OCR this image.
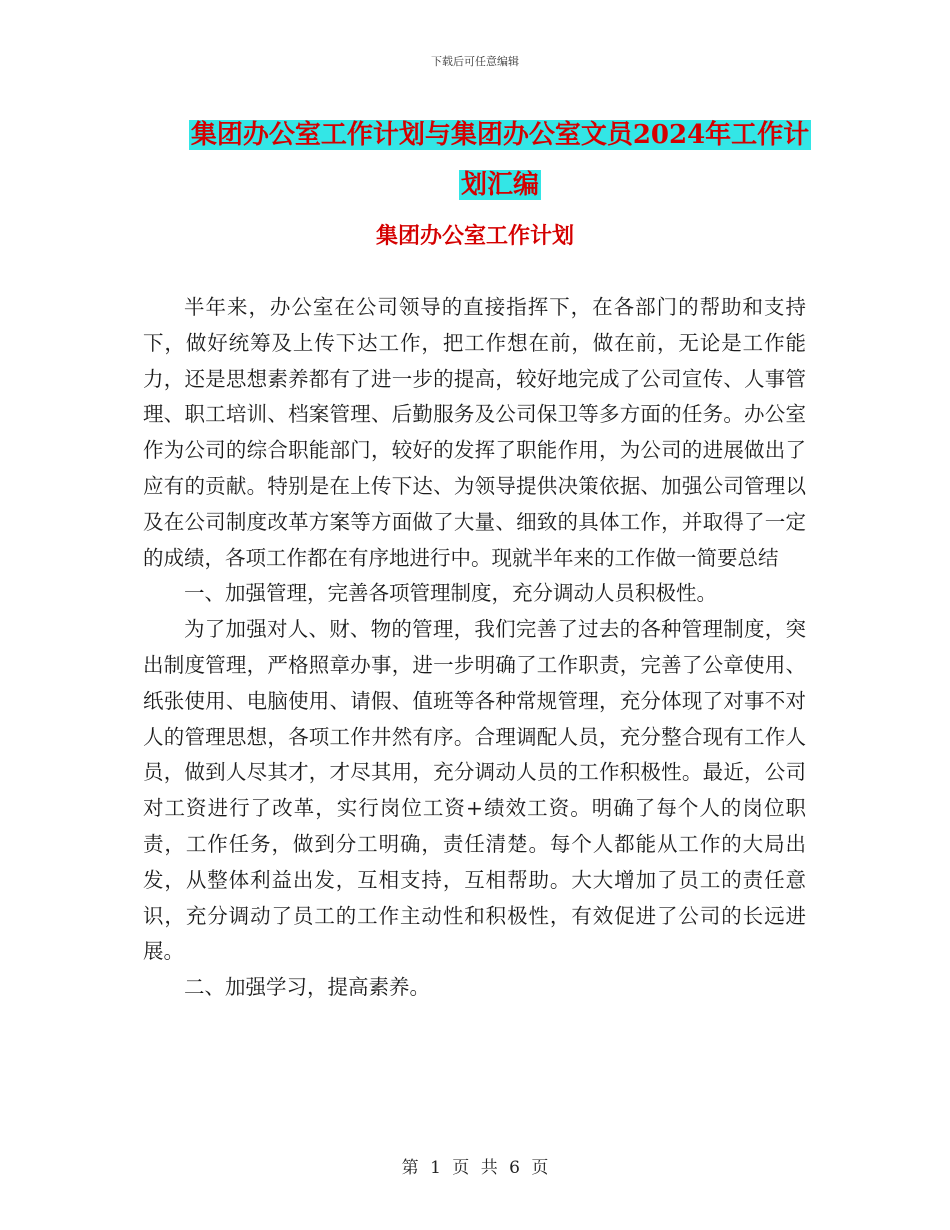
下载后可任意编辑
集团办公室工作计划与集团办公室文员2024年工作计
划汇编
集团办公室工作计划

半年来，办公室在公司领导的直接指挥下，在各部门的帮助和支持下，做好统筹及上传下达工作，把工作想在前，做在前，无论是工作能力，还是思想素养都有了进一步的提高，较好地完成了公司宣传、人事管理、职工培训、档案管理、后勤服务及公司保卫等多方面的任务。办公室作为公司的综合职能部门，较好的发挥了职能作用，为公司的进展做出了应有的贡献。特别是在上传下达、为领导提供决策依据、加强公司管理以及在公司制度改革方案等方面做了大量、细致的具体工作，并取得了一定的成绩，各项工作都在有序地进行中。现就半年来的工作做一简要总结

一、加强管理，完善各项管理制度，充分调动人员积极性。

为了加强对人、财、物的管理，我们完善了过去的各种管理制度，突出制度管理，严格照章办事，进一步明确了工作职责，完善了公章使用、纸张使用、电脑使用、请假、值班等各种常规管理，充分体现了对事不对人的管理思想，各项工作井然有序。合理调配人员，充分整合现有工作人员，做到人尽其才，才尽其用，充分调动人员的工作积极性。最近，公司对工资进行了改革，实行岗位工资+绩效工资。明确了每个人的岗位职责，工作任务，做到分工明确，责任清楚。每个人都能从工作的大局出发，从整体利益出发，互相支持，互相帮助。大大增加了员工的责任意识，充分调动了员工的工作主动性和积极性，有效促进了公司的长远进展。

二、加强学习，提高素养。

第 1 页 共 6 页
